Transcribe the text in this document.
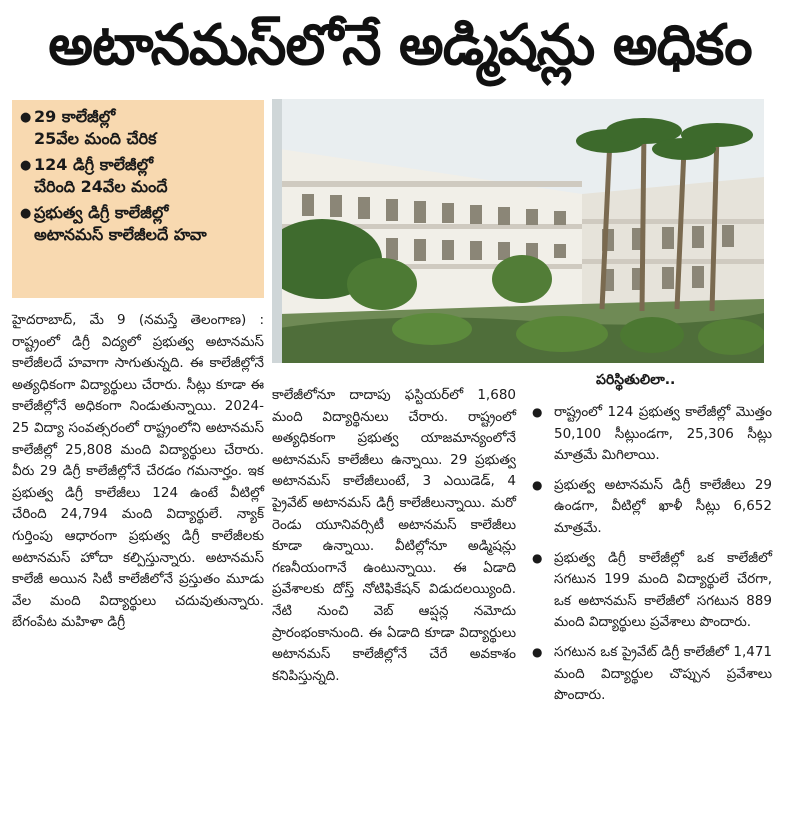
అటానమస్‌లోనే అడ్మిషన్లు అధికం
● 29 కాలేజీల్లో
25వేల మంది చేరిక
● 124 డిగ్రీ కాలేజీల్లో
చేరింది 24వేల మందే
● ప్రభుత్వ డిగ్రీ కాలేజీల్లో
అటానమస్ కాలేజీలదే హవా
పరిస్థితులిలా..

హైదరాబాద్, మే 9 (నమస్తే తెలంగాణ) : రాష్ట్రంలో డిగ్రీ విద్యలో ప్రభుత్వ అటానమస్ కాలేజీలదే హవాగా సాగుతున్నది. ఈ కాలేజీల్లోనే అత్యధికంగా విద్యార్థులు చేరారు. సీట్లు కూడా ఈ కాలేజీల్లోనే అధికంగా నిండుతున్నాయి. 2024-25 విద్యా సంవత్సరంలో రాష్ట్రంలోని అటానమస్ కాలేజీల్లో 25,808 మంది విద్యార్థులు చేరారు. వీరు 29 డిగ్రీ కాలేజీల్లోనే చేరడం గమనార్హం. ఇక ప్రభుత్వ డిగ్రీ కాలేజీలు 124 ఉంటే వీటిల్లో చేరింది 24,794 మంది విద్యార్థులే. న్యాక్ గుర్తింపు ఆధారంగా ప్రభుత్వ డిగ్రీ కాలేజీలకు అటానమస్ హోదా కల్పిస్తున్నారు. అటానమస్ కాలేజీ అయిన సిటీ కాలేజీలోనే ప్రస్తుతం మూడు వేల మంది విద్యార్థులు చదువుతున్నారు. బేగంపేట మహిళా డిగ్రీ

కాలేజీలోనూ దాదాపు ఫస్టియర్‌లో 1,680 మంది విద్యార్థినులు చేరారు. రాష్ట్రంలో అత్యధికంగా ప్రభుత్వ యాజమాన్యంలోనే అటానమస్ కాలేజీలు ఉన్నాయి. 29 ప్రభుత్వ అటానమస్ కాలేజీలుంటే, 3 ఎయిడెడ్, 4 ప్రైవేట్ అటానమస్ డిగ్రీ కాలేజీలున్నాయి. మరో రెండు యూనివర్సిటీ అటానమస్ కాలేజీలు కూడా ఉన్నాయి. వీటిల్లోనూ అడ్మిషన్లు గణనీయంగానే ఉంటున్నాయి. ఈ ఏడాది ప్రవేశాలకు దోస్త్ నోటిఫికేషన్ విడుదలయ్యింది. నేటి నుంచి వెబ్ ఆప్షన్ల నమోదు ప్రారంభంకానుంది. ఈ ఏడాది కూడా విద్యార్థులు అటానమస్ కాలేజీల్లోనే చేరే అవకాశం కనిపిస్తున్నది.

● రాష్ట్రంలో 124 ప్రభుత్వ కాలేజీల్లో మొత్తం 50,100 సీట్లుండగా, 25,306 సీట్లు మాత్రమే మిగిలాయి.
● ప్రభుత్వ అటానమస్ డిగ్రీ కాలేజీలు 29 ఉండగా, వీటిల్లో ఖాళీ సీట్లు 6,652 మాత్రమే.
● ప్రభుత్వ డిగ్రీ కాలేజీల్లో ఒక కాలేజీలో సగటున 199 మంది విద్యార్థులే చేరగా, ఒక అటానమస్ కాలేజీలో సగటున 889 మంది విద్యార్థులు ప్రవేశాలు పొందారు.
● సగటున ఒక ప్రైవేట్ డిగ్రీ కాలేజీలో 1,471 మంది విద్యార్థుల చొప్పున ప్రవేశాలు పొందారు.
